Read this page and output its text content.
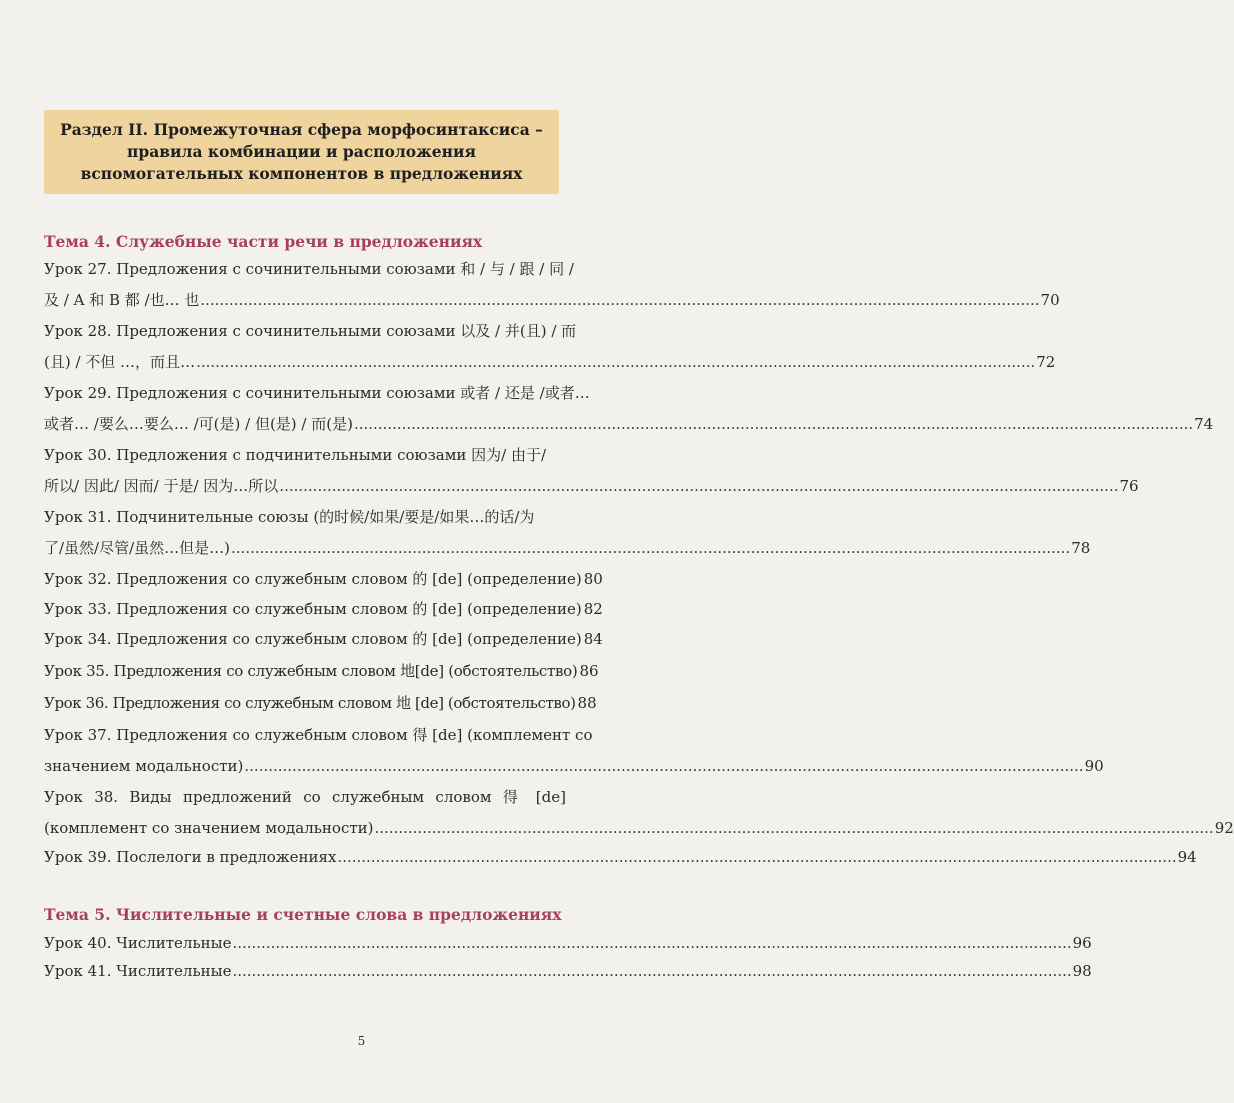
Раздел II. Промежуточная сфера морфосинтаксиса –
правила комбинации и расположения
вспомогательных компонентов в предложениях
Тема 4. Служебные части речи в предложениях
Урок 27. Предложения с сочинительными союзами 和 / 与 / 跟 / 同 /
及 / A 和 B 都 /也… 也 .....	70
Урок 28. Предложения с сочинительными союзами 以及 / 并(且) / 而
(且) / 不但 …，而且… .....	72
Урок 29. Предложения с сочинительными союзами 或者 / 还是 /或者…
或者… /要么…要么… /可(是) / 但(是) / 而(是) .....	74
Урок 30. Предложения с подчинительными союзами 因为/ 由于/
所以/ 因此/ 因而/ 于是/ 因为…所以 .....	76
Урок 31. Подчинительные союзы (的时候/如果/要是/如果…的话/为
了/虽然/尽管/虽然…但是…) .....	78
Урок 32. Предложения со служебным словом 的 [de] (определение) 80
Урок 33. Предложения со служебным словом 的 [de] (определение) 82
Урок 34. Предложения со служебным словом 的 [de] (определение) 84
Урок 35. Предложения со служебным словом 地[de] (обстоятельство) 86
Урок 36. Предложения со служебным словом 地 [de] (обстоятельство) 88
Урок 37. Предложения со служебным словом 得 [de] (комплемент со
значением модальности) .....	90
Урок 38. Виды предложений со служебным словом 得 [de]
(комплемент со значением модальности) .....	92
Урок 39. Послелоги в предложениях .....	94
Тема 5. Числительные и счетные слова в предложениях
Урок 40. Числительные .....	96
Урок 41. Числительные .....	98
5
